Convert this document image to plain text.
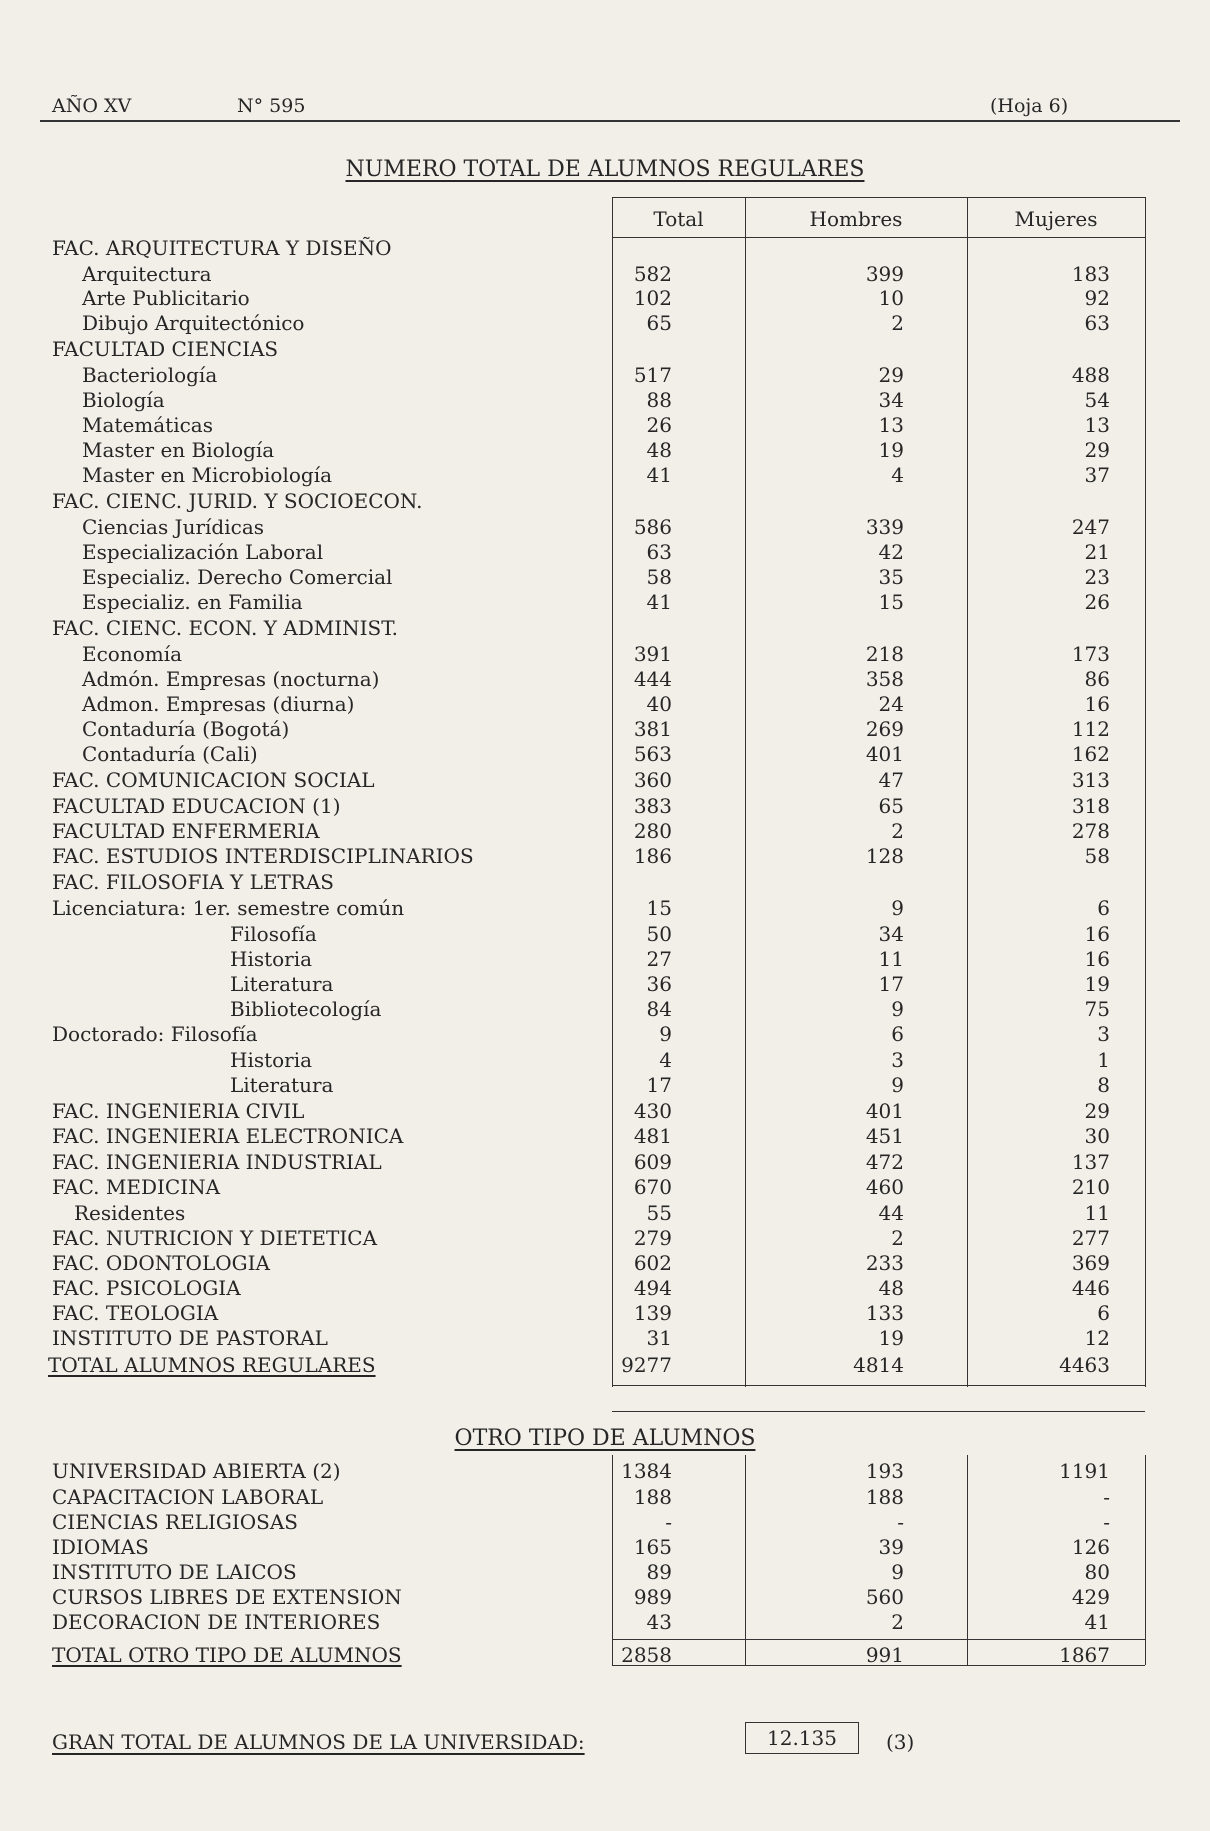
AÑO XV	N° 595	(Hoja 6)
NUMERO TOTAL DE ALUMNOS REGULARES
Total	Hombres	Mujeres
FAC. ARQUITECTURA Y DISEÑO
Arquitectura	582	399	183
Arte Publicitario	102	10	92
Dibujo Arquitectónico	65	2	63
FACULTAD CIENCIAS
Bacteriología	517	29	488
Biología	88	34	54
Matemáticas	26	13	13
Master en Biología	48	19	29
Master en Microbiología	41	4	37
FAC. CIENC. JURID. Y SOCIOECON.
Ciencias Jurídicas	586	339	247
Especialización Laboral	63	42	21
Especializ. Derecho Comercial	58	35	23
Especializ. en Familia	41	15	26
FAC. CIENC. ECON. Y ADMINIST.
Economía	391	218	173
Admón. Empresas (nocturna)	444	358	86
Admon. Empresas (diurna)	40	24	16
Contaduría (Bogotá)	381	269	112
Contaduría (Cali)	563	401	162
FAC. COMUNICACION SOCIAL	360	47	313
FACULTAD EDUCACION (1)	383	65	318
FACULTAD ENFERMERIA	280	2	278
FAC. ESTUDIOS INTERDISCIPLINARIOS	186	128	58
FAC. FILOSOFIA Y LETRAS
Licenciatura: 1er. semestre común	15	9	6
Filosofía	50	34	16
Historia	27	11	16
Literatura	36	17	19
Bibliotecología	84	9	75
Doctorado: Filosofía	9	6	3
Historia	4	3	1
Literatura	17	9	8
FAC. INGENIERIA CIVIL	430	401	29
FAC. INGENIERIA ELECTRONICA	481	451	30
FAC. INGENIERIA INDUSTRIAL	609	472	137
FAC. MEDICINA	670	460	210
Residentes	55	44	11
FAC. NUTRICION Y DIETETICA	279	2	277
FAC. ODONTOLOGIA	602	233	369
FAC. PSICOLOGIA	494	48	446
FAC. TEOLOGIA	139	133	6
INSTITUTO DE PASTORAL	31	19	12
TOTAL ALUMNOS REGULARES	9277	4814	4463
OTRO TIPO DE ALUMNOS
UNIVERSIDAD ABIERTA (2)	1384	193	1191
CAPACITACION LABORAL	188	188	-
CIENCIAS RELIGIOSAS	-	-	-
IDIOMAS	165	39	126
INSTITUTO DE LAICOS	89	9	80
CURSOS LIBRES DE EXTENSION	989	560	429
DECORACION DE INTERIORES	43	2	41
TOTAL OTRO TIPO DE ALUMNOS	2858	991	1867
GRAN TOTAL DE ALUMNOS DE LA UNIVERSIDAD:	12.135	(3)
